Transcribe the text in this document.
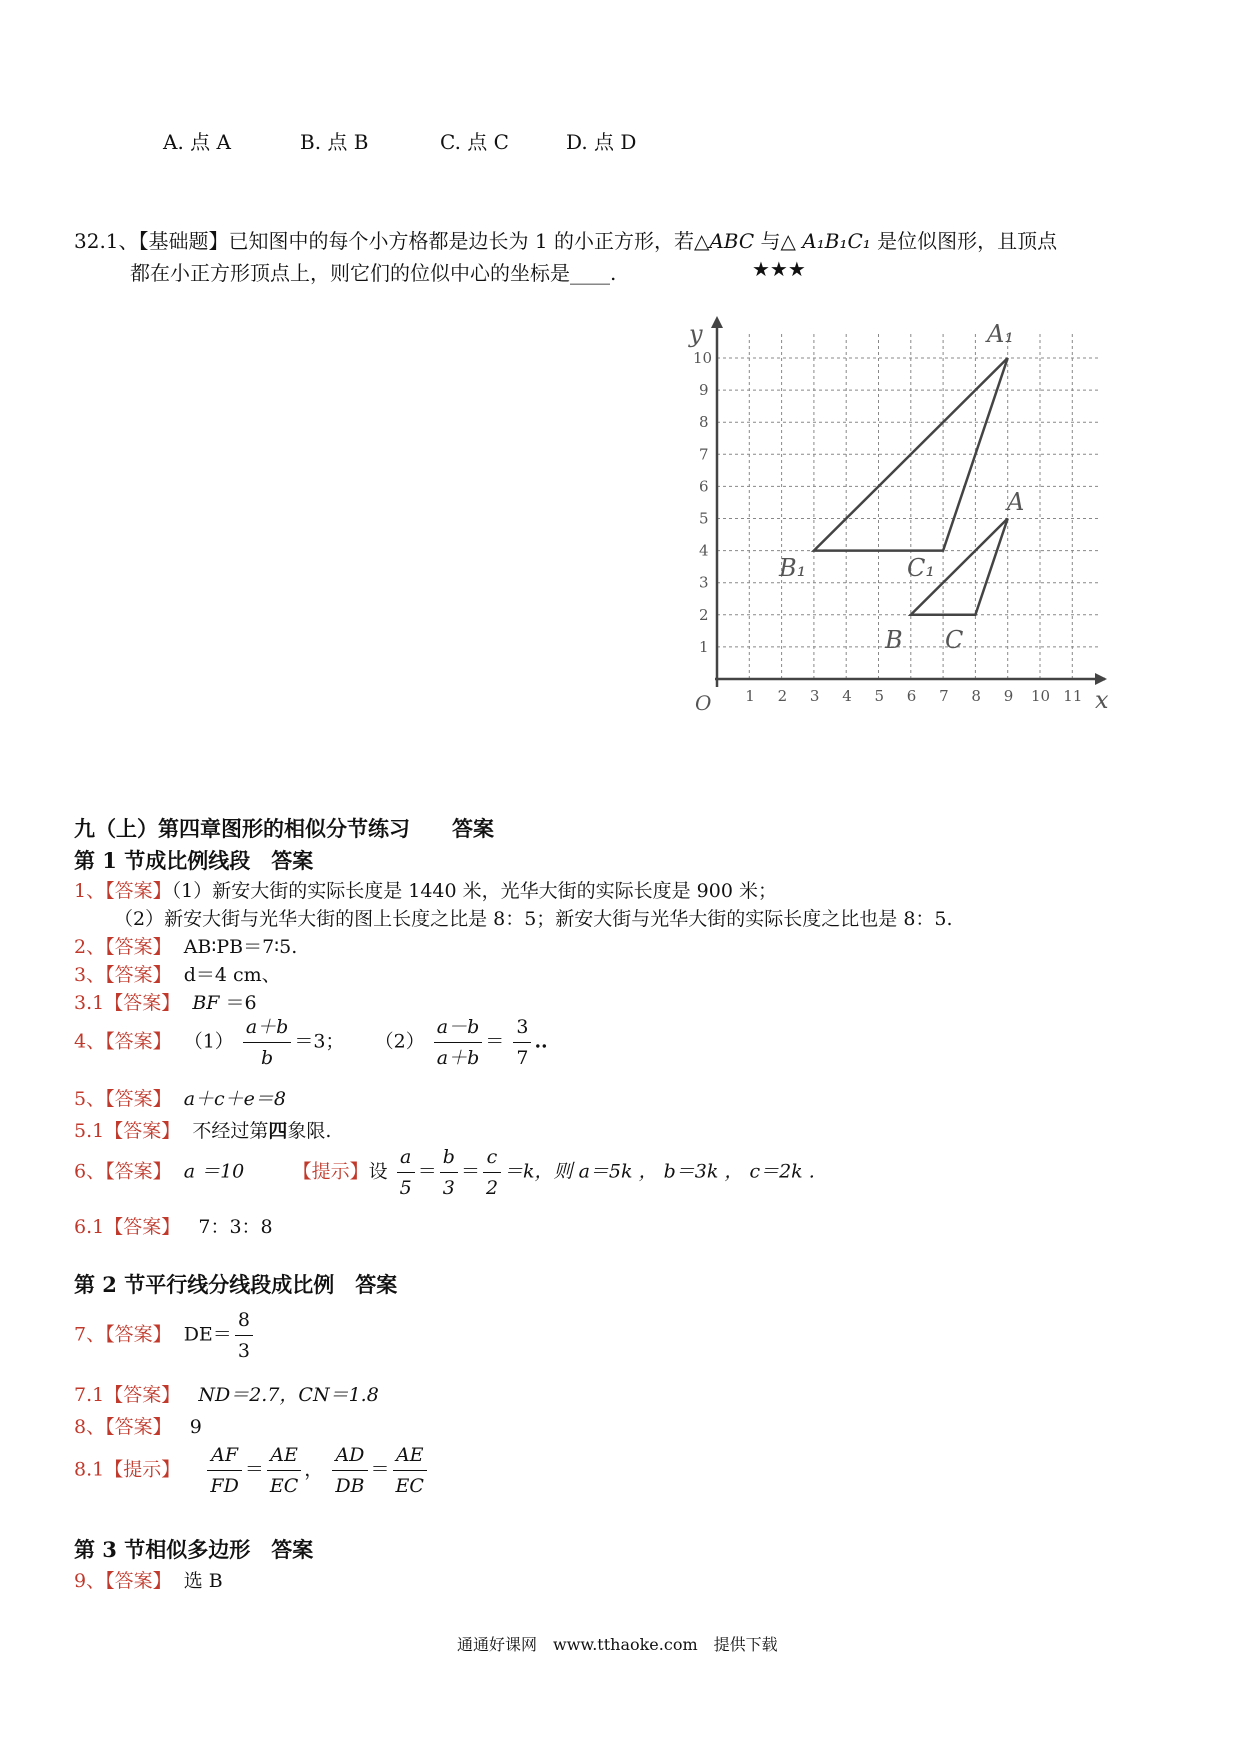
A. 点 A	B. 点 B	C. 点 C	D. 点 D
32.1、【基础题】已知图中的每个小方格都是边长为 1 的小正方形，若△ABC 与△ A₁B₁C₁ 是位似图形，且顶点
都在小正方形顶点上，则它们的位似中心的坐标是____.	★★★
y
x
O 1 2 3 4 5 6 7 8 9 10 11
1
2
3
4
5
6
7
8
9
10
A₁
B₁	C₁
A
B C
九（上）第四章图形的相似分节练习　　答案
第 1 节成比例线段　答案
1、【答案】（1）新安大街的实际长度是 1440 米，光华大街的实际长度是 900 米；
（2）新安大街与光华大街的图上长度之比是 8：5；新安大街与光华大街的实际长度之比也是 8：5.
2、【答案】 AB∶PB＝7∶5.
3、【答案】 d＝4 cm、
3.1【答案】 BF ＝6
4、【答案】 $(1) \frac{a+b}{b} =3$； $(2) \frac{a-b}{a+b} = \frac{3}{7}$ ..
5、【答案】 a＋c＋e＝8
5.1【答案】 不经过第四象限.
6、【答案】 a ＝10	【提示】设 $\frac{a}{5} = \frac{b}{3} = \frac{c}{2} =k$，则 a＝5k ， b＝3k ， c＝2k .
6.1【答案】 7：3：8
第 2 节平行线分线段成比例　答案
7、【答案】 $DE= \frac{8}{3}$
7.1【答案】 ND＝2.7，CN＝1.8
8、【答案】 9
8.1【提示】 $\frac{AF}{FD} = \frac{AE}{EC}$ ， $\frac{AD}{DB} = \frac{AE}{EC}$
第 3 节相似多边形　答案
9、【答案】 选 B
通通好课网　www.tthaoke.com　提供下载
